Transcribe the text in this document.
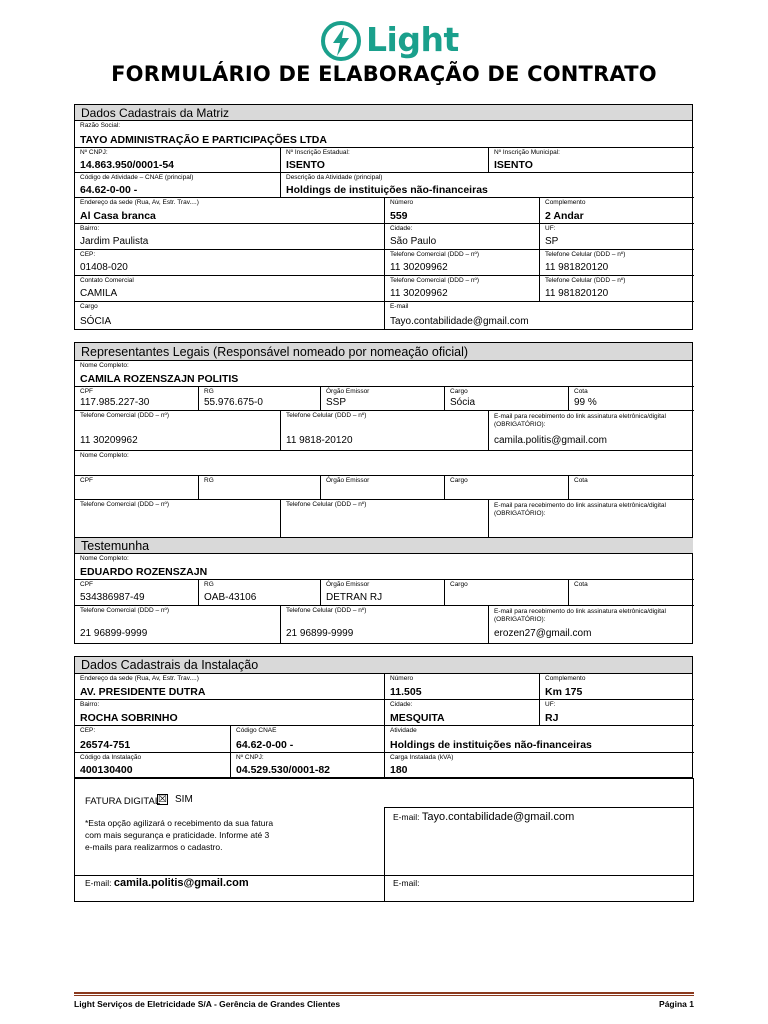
Light
FORMULÁRIO DE ELABORAÇÃO DE CONTRATO
Dados Cadastrais da Matriz
Razão Social:
TAYO ADMINISTRAÇÃO E PARTICIPAÇÕES LTDA
Nº CNPJ:
14.863.950/0001-54
Nº Inscrição Estadual:
ISENTO
Nº Inscrição Municipal:
ISENTO
Código de Atividade – CNAE (principal)
64.62-0-00 -
Descrição da Atividade (principal)
Holdings de instituições não-financeiras
Endereço da sede (Rua, Av, Estr. Trav....)
Al Casa branca
Número
559
Complemento
2 Andar
Bairro:
Jardim Paulista
Cidade:
São Paulo
UF:
SP
CEP:
01408-020
Telefone Comercial (DDD – nº)
11 30209962
Telefone Celular (DDD – nº)
11 981820120
Contato Comercial
CAMILA
Telefone Comercial (DDD – nº)
11 30209962
Telefone Celular (DDD – nº)
11 981820120
Cargo
SÓCIA
E-mail
Tayo.contabilidade@gmail.com
Representantes Legais (Responsável nomeado por nomeação oficial)
Nome Completo:
CAMILA ROZENSZAJN POLITIS
CPF
117.985.227-30
RG
55.976.675-0
Órgão Emissor
SSP
Cargo
Sócia
Cota
99 %
Telefone Comercial (DDD – nº)
11 30209962
Telefone Celular (DDD – nº)
11 9818-20120
E-mail para recebimento do link assinatura eletrônica/digital (OBRIGATÓRIO):
camila.politis@gmail.com
Nome Completo:
CPF	RG	Órgão Emissor	Cargo	Cota
Telefone Comercial (DDD – nº)	Telefone Celular (DDD – nº)	E-mail para recebimento do link assinatura eletrônica/digital (OBRIGATÓRIO):
Testemunha
Nome Completo:
EDUARDO ROZENSZAJN
CPF
534386987-49
RG
OAB-43106
Órgão Emissor
DETRAN RJ
Cargo	Cota
Telefone Comercial (DDD – nº)
21 96899-9999
Telefone Celular (DDD – nº)
21 96899-9999
E-mail para recebimento do link assinatura eletrônica/digital (OBRIGATÓRIO):
erozen27@gmail.com
Dados Cadastrais da Instalação
Endereço da sede (Rua, Av, Estr. Trav....)
AV. PRESIDENTE DUTRA
Número
11.505
Complemento
Km 175
Bairro:
ROCHA SOBRINHO
Cidade:
MESQUITA
UF:
RJ
CEP:
26574-751
Código CNAE
64.62-0-00 -
Atividade
Holdings de instituições não-financeiras
Código da Instalação
400130400
Nº CNPJ:
04.529.530/0001-82
Carga Instalada (kVA)
180
FATURA DIGITAL
☒ SIM
*Esta opção agilizará o recebimento da sua fatura com mais segurança e praticidade. Informe até 3 e-mails para realizarmos o cadastro.
E-mail: camila.politis@gmail.com
E-mail: Tayo.contabilidade@gmail.com
E-mail:
Light Serviços de Eletricidade S/A - Gerência de Grandes Clientes	Página 1
